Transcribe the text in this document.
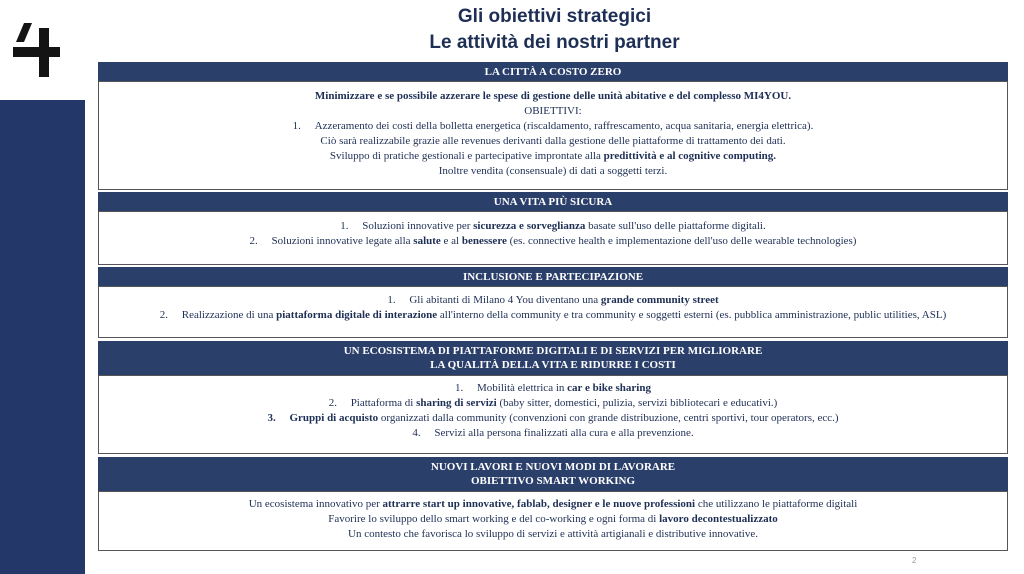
Gli obiettivi strategici
Le attività dei nostri partner
LA CITTÀ A COSTO ZERO

Minimizzare e se possibile azzerare le spese di gestione delle unità abitative e del complesso MI4YOU.

OBIETTIVI:

1. Azzeramento dei costi della bolletta energetica (riscaldamento, raffrescamento, acqua sanitaria, energia elettrica).

Ciò sarà realizzabile grazie alle revenues derivanti dalla gestione delle piattaforme di trattamento dei dati.

Sviluppo di pratiche gestionali e partecipative improntate alla predittività e al cognitive computing.

Inoltre vendita (consensuale) di dati a soggetti terzi.

UNA VITA PIÙ SICURA

1. Soluzioni innovative per sicurezza e sorveglianza basate sull'uso delle piattaforme digitali.

2. Soluzioni innovative legate alla salute e al benessere (es. connective health e implementazione dell'uso delle wearable technologies)

INCLUSIONE E PARTECIPAZIONE

1. Gli abitanti di Milano 4 You diventano una grande community street

2. Realizzazione di una piattaforma digitale di interazione all'interno della community e tra community e soggetti esterni (es. pubblica amministrazione, public utilities, ASL)

UN ECOSISTEMA DI PIATTAFORME DIGITALI E DI SERVIZI PER MIGLIORARE
LA QUALITÀ DELLA VITA E RIDURRE I COSTI

1. Mobilità elettrica in car e bike sharing

2. Piattaforma di sharing di servizi (baby sitter, domestici, pulizia, servizi bibliotecari e educativi.)

3. Gruppi di acquisto organizzati dalla community (convenzioni con grande distribuzione, centri sportivi, tour operators, ecc.)

4. Servizi alla persona finalizzati alla cura e alla prevenzione.

NUOVI LAVORI E NUOVI MODI DI LAVORARE
OBIETTIVO SMART WORKING

Un ecosistema innovativo per attrarre start up innovative, fablab, designer e le nuove professioni che utilizzano le piattaforme digitali

Favorire lo sviluppo dello smart working e del co-working e ogni forma di lavoro decontestualizzato

Un contesto che favorisca lo sviluppo di servizi e attività artigianali e distributive innovative.

2
